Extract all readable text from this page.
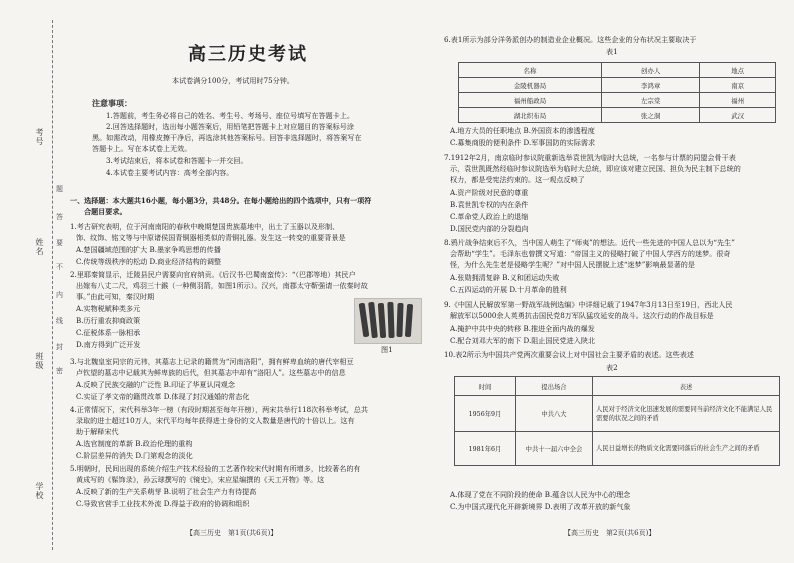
考号
姓名
班级
学校
题
答
要
不
内
线
封
密
高三历史考试
本试卷满分100分，考试用时75分钟。
注意事项：
1.答题前，考生务必将自己的姓名、考生号、考场号、座位号填写在答题卡上。
2.回答选择题时，选出每小题答案后，用铅笔把答题卡上对应题目的答案标号涂
黑。如需改动，用橡皮擦干净后，再选涂其他答案标号。回答非选择题时，将答案写在
答题卡上。写在本试卷上无效。
3.考试结束后，将本试卷和答题卡一并交回。
4.本试卷主要考试内容：高考全部内容。
一、选择题：本大题共16小题，每小题3分，共48分。在每小题给出的四个选项中，只有一项符
合题目要求。
1.考古研究表明，位于河南南阳的春秋中晚期楚国贵族墓地中，出土了玉器以及形制、
饰、纹饰、铭文等与中原诸侯国青铜器相类似的青铜礼器。发生这一转变的重要背景是
A.楚国疆域范围的扩大 B.墨家争鸣思想的传播
C.传统等级秩序的松动 D.商业经济结构的调整
2.里耶秦简显示，迁陵县民户需要向官府纳贡。《后汉书·巴蜀南蛮传》：“（巴郡等地）其民户
出嫁布八丈二尺，鸡羽三十鍭（一种侧羽箭，如图1所示）。汉兴，南郡太守靳强请一依秦时故
事。”由此可知，秦汉时期
A.实物税赋种类多元
B.历行重农抑商政策
C.征税体系一脉相承
D.南方得到广泛开发
图1
3.与北魏皇室同宗的元祎，其墓志上记录的籍贯为“河南洛阳”，拥有鲜卑血统的唐代宰相豆
卢钦望的墓志中记载其为鲜卑族的后代，但其墓志中却有“洛阳人”。这些墓志中的信息
A.反映了民族交融的广泛性 B.印证了华夏认同观念
C.实证了孝文帝的籍贯改革 D.体现了封汉通婚的常态化
4.正常情况下，宋代科举3年一榜（有段时期甚至每年开榜），两宋共举行118次科举考试，总共
录取的进士超过10万人，宋代平均每年获得进士身份的文人数量是唐代的十倍以上。这有
助于解释宋代
A.选官制度的革新 B.政治伦理的重构
C.阶层差异的消失 D.门第观念的淡化
5.明朝时，民间出现的系统介绍生产技术经验的工艺著作较宋代时期有所增多，比较著名的有
黄成写的《髹饰录》，孙云球撰写的《镜史》，宋应星编撰的《天工开物》等。这
A.反映了新的生产关系萌芽 B.说明了社会生产力有待提高
C.导致官营手工业技术外流 D.得益于政府的协调和组织
【高三历史　第1页(共6页)】
6.表1所示为部分洋务派创办的制造业企业概况。这些企业的分布状况主要取决于
表1
名称	创办人	地点
金陵机器局	李鸿章	南京
福州船政局	左宗棠	福州
湖北织布局	张之洞	武汉
A.地方大员的任职地点 B.外国资本的渗透程度
C.募集商股的便利条件 D.军事国防的实际需求
7.1912年2月，南京临时参议院重新选举袁世凯为临时大总统，一名参与计票的同盟会骨干表
示，袁世凯既然经临时参议院选举为临时大总统，即应该对建立民国、担负为民主制下总统的
权力，都是受宪法约束的。这一观点反映了
A.资产阶级对民意的尊重
B.袁世凯专权的内在条件
C.革命党人政治上的退缩
D.国民党内部的分裂趋向
8.鸦片战争结束后不久，当中国人萌生了“师夷”的想法。近代一些先进的中国人总以为“先生”
会帮助“学生”。毛泽东也曾撰文写道：“帝国主义的侵略打破了中国人学西方的迷梦。很奇
怪，为什么先生老是侵略学生呢？”对中国人民摆脱上述“迷梦”影响最显著的是
A.张勋拥清复辟 B.义和团运动失败
C.五四运动的开展 D.十月革命的胜利
9.《中国人民解放军第一野战军战例选编》中详细记载了1947年3月13日至19日，西北人民
解放军以5000余人英勇抗击国民党8万军队猛攻延安的战斗。这次行动的作战目标是
A.掩护中共中央的转移 B.推进全面内战的爆发
C.配合刘邓大军的南下 D.阻止国民党进入陕北
10.表2所示为中国共产党两次重要会议上对中国社会主要矛盾的表述。这些表述
表2
时间	提出场合	表述
1956年9月	中共八大	人民对于经济文化迅速发展的需要同当前经济文化不能满足人民需要的状况之间的矛盾
1981年6月	中共十一届六中全会	人民日益增长的物质文化需要同落后的社会生产之间的矛盾
A.体现了党在不同阶段的使命 B.蕴含以人民为中心的理念
C.为中国式现代化开辟新境界 D.表明了改革开放的新气象
【高三历史　第2页(共6页)】
